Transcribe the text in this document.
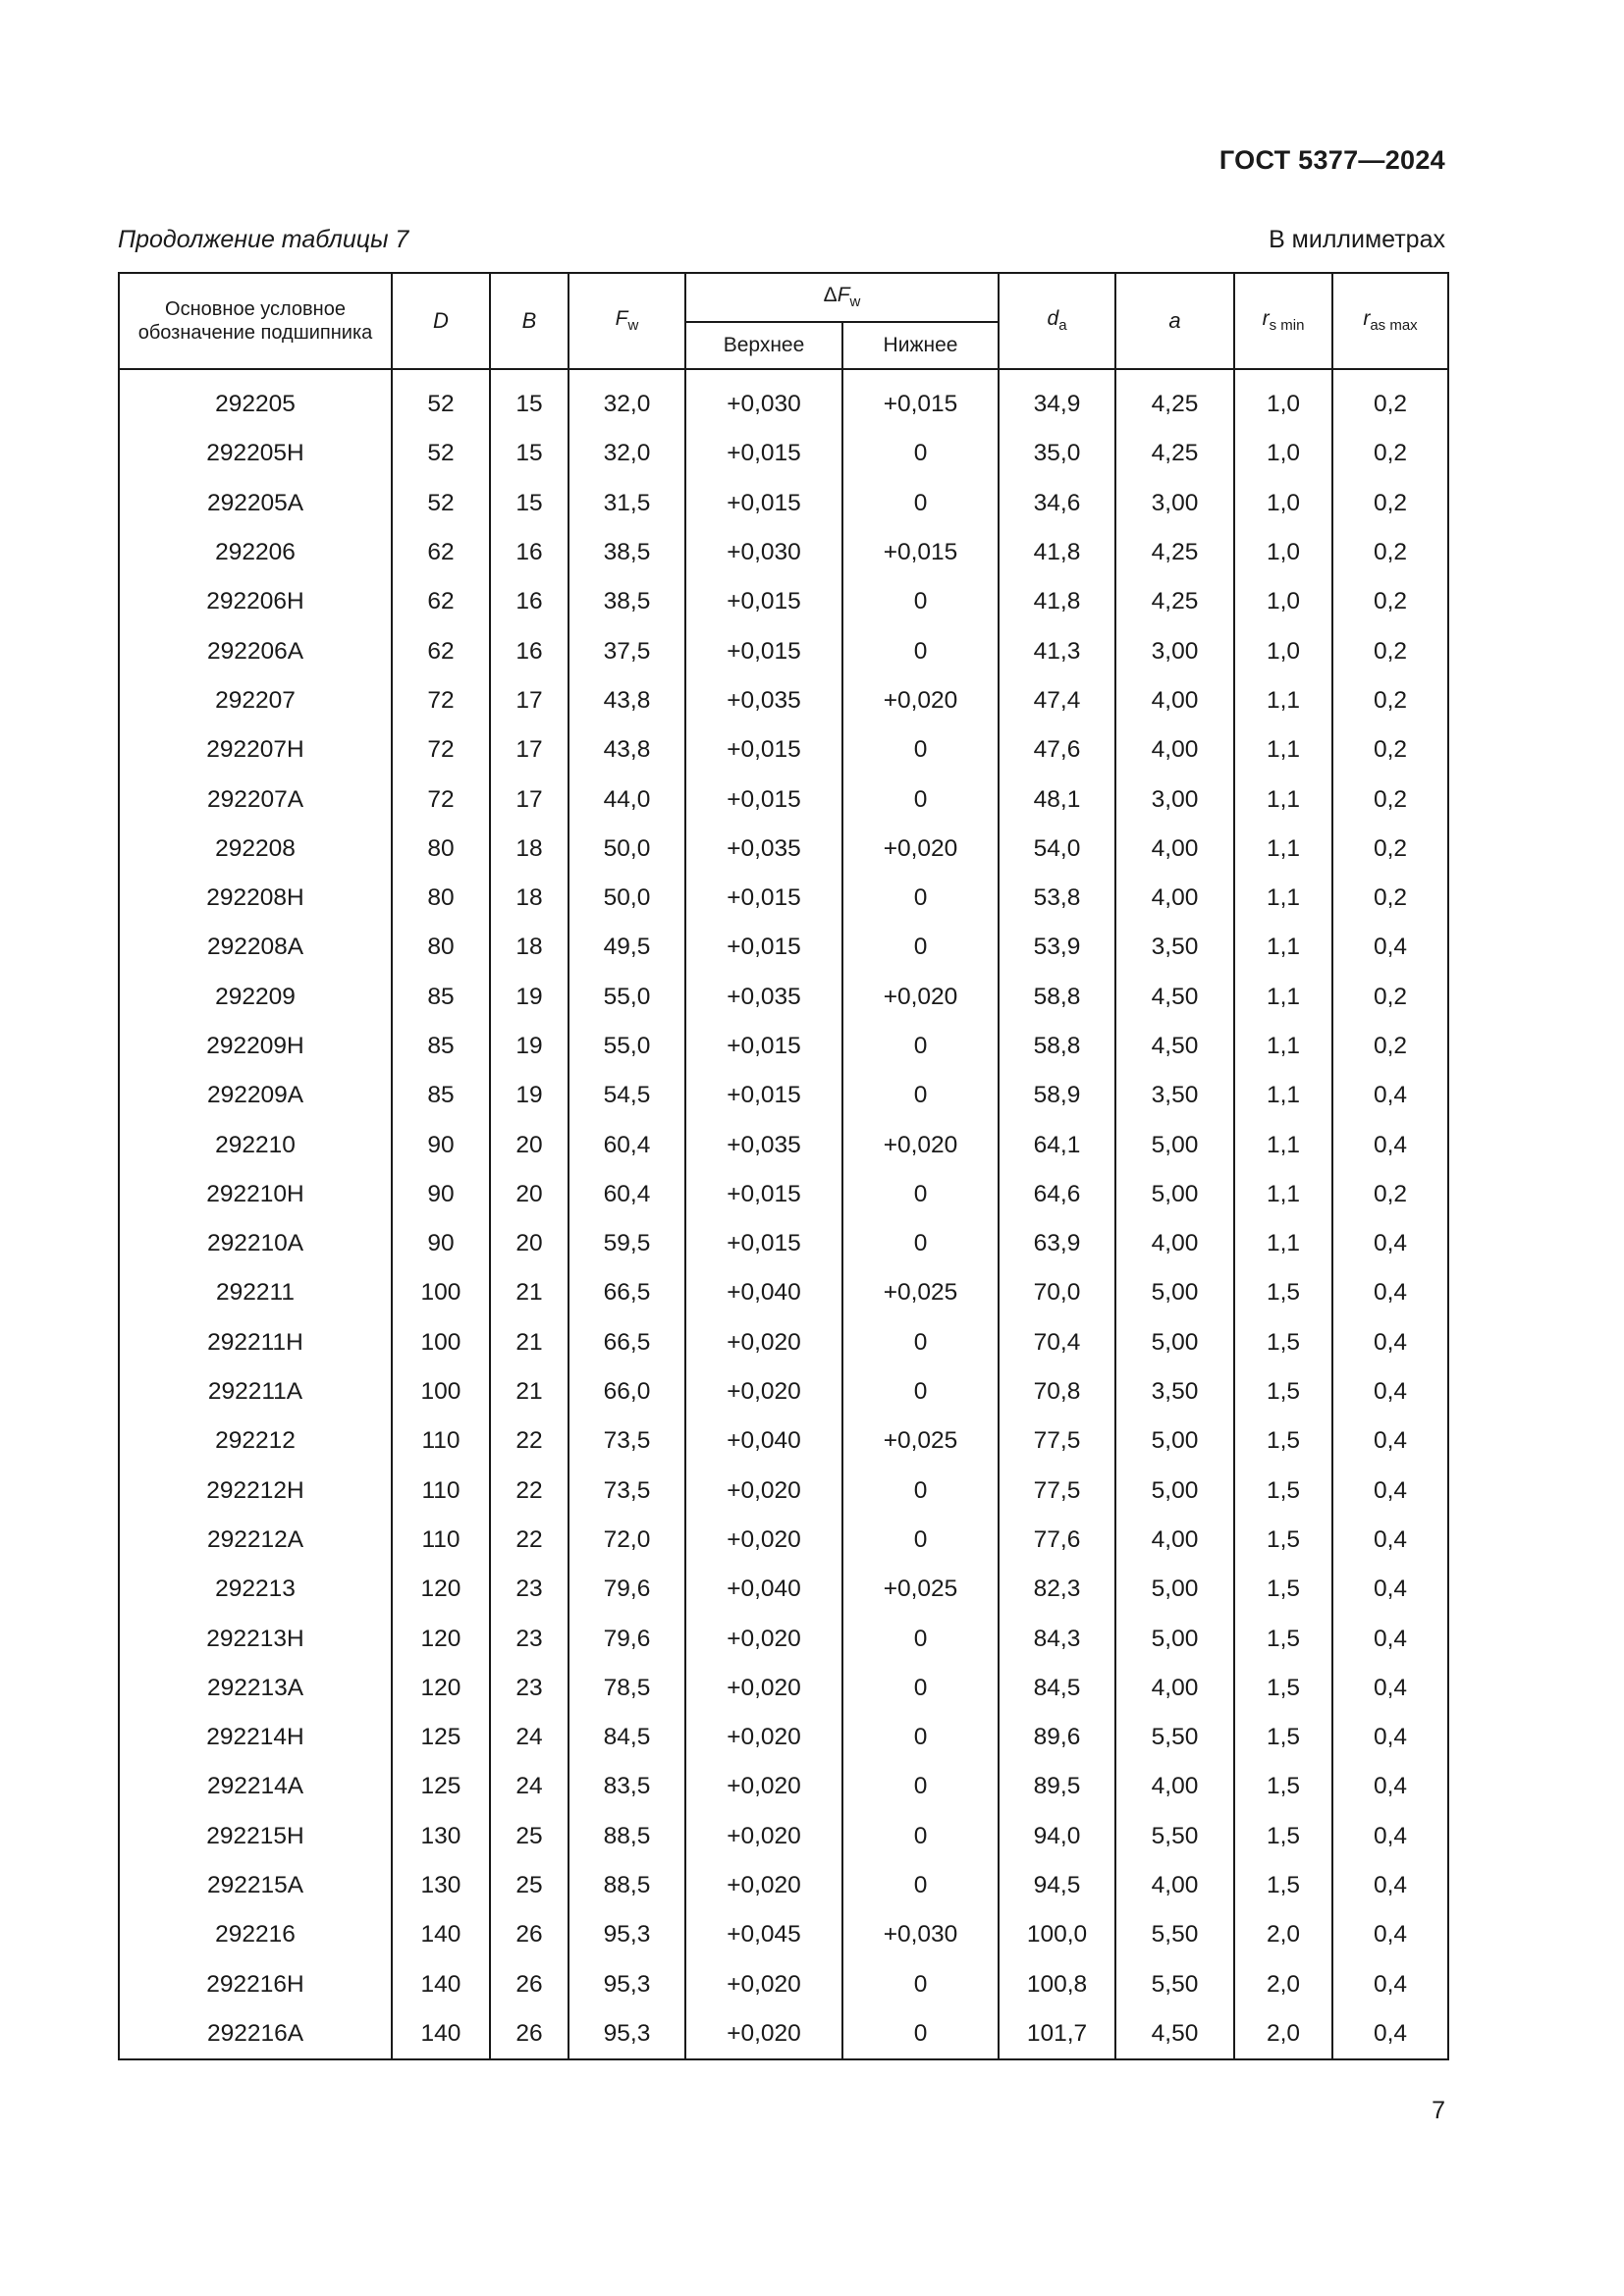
ГОСТ 5377—2024
Продолжение таблицы 7	В миллиметрах
Основное условное обозначение подшипника	D	B	$F_w$	$\Delta F_w$		$d_a$	a	$r_{s min}$	$r_{as max}$
				Верхнее	Нижнее				
292205	52	15	32,0	+0,030	+0,015	34,9	4,25	1,0	0,2
292205Н	52	15	32,0	+0,015	0	35,0	4,25	1,0	0,2
292205А	52	15	31,5	+0,015	0	34,6	3,00	1,0	0,2
292206	62	16	38,5	+0,030	+0,015	41,8	4,25	1,0	0,2
292206Н	62	16	38,5	+0,015	0	41,8	4,25	1,0	0,2
292206А	62	16	37,5	+0,015	0	41,3	3,00	1,0	0,2
292207	72	17	43,8	+0,035	+0,020	47,4	4,00	1,1	0,2
292207Н	72	17	43,8	+0,015	0	47,6	4,00	1,1	0,2
292207А	72	17	44,0	+0,015	0	48,1	3,00	1,1	0,2
292208	80	18	50,0	+0,035	+0,020	54,0	4,00	1,1	0,2
292208Н	80	18	50,0	+0,015	0	53,8	4,00	1,1	0,2
292208А	80	18	49,5	+0,015	0	53,9	3,50	1,1	0,4
292209	85	19	55,0	+0,035	+0,020	58,8	4,50	1,1	0,2
292209Н	85	19	55,0	+0,015	0	58,8	4,50	1,1	0,2
292209А	85	19	54,5	+0,015	0	58,9	3,50	1,1	0,4
292210	90	20	60,4	+0,035	+0,020	64,1	5,00	1,1	0,4
292210Н	90	20	60,4	+0,015	0	64,6	5,00	1,1	0,2
292210А	90	20	59,5	+0,015	0	63,9	4,00	1,1	0,4
292211	100	21	66,5	+0,040	+0,025	70,0	5,00	1,5	0,4
292211Н	100	21	66,5	+0,020	0	70,4	5,00	1,5	0,4
292211А	100	21	66,0	+0,020	0	70,8	3,50	1,5	0,4
292212	110	22	73,5	+0,040	+0,025	77,5	5,00	1,5	0,4
292212Н	110	22	73,5	+0,020	0	77,5	5,00	1,5	0,4
292212А	110	22	72,0	+0,020	0	77,6	4,00	1,5	0,4
292213	120	23	79,6	+0,040	+0,025	82,3	5,00	1,5	0,4
292213Н	120	23	79,6	+0,020	0	84,3	5,00	1,5	0,4
292213А	120	23	78,5	+0,020	0	84,5	4,00	1,5	0,4
292214Н	125	24	84,5	+0,020	0	89,6	5,50	1,5	0,4
292214А	125	24	83,5	+0,020	0	89,5	4,00	1,5	0,4
292215Н	130	25	88,5	+0,020	0	94,0	5,50	1,5	0,4
292215А	130	25	88,5	+0,020	0	94,5	4,00	1,5	0,4
292216	140	26	95,3	+0,045	+0,030	100,0	5,50	2,0	0,4
292216Н	140	26	95,3	+0,020	0	100,8	5,50	2,0	0,4
292216А	140	26	95,3	+0,020	0	101,7	4,50	2,0	0,4
7
